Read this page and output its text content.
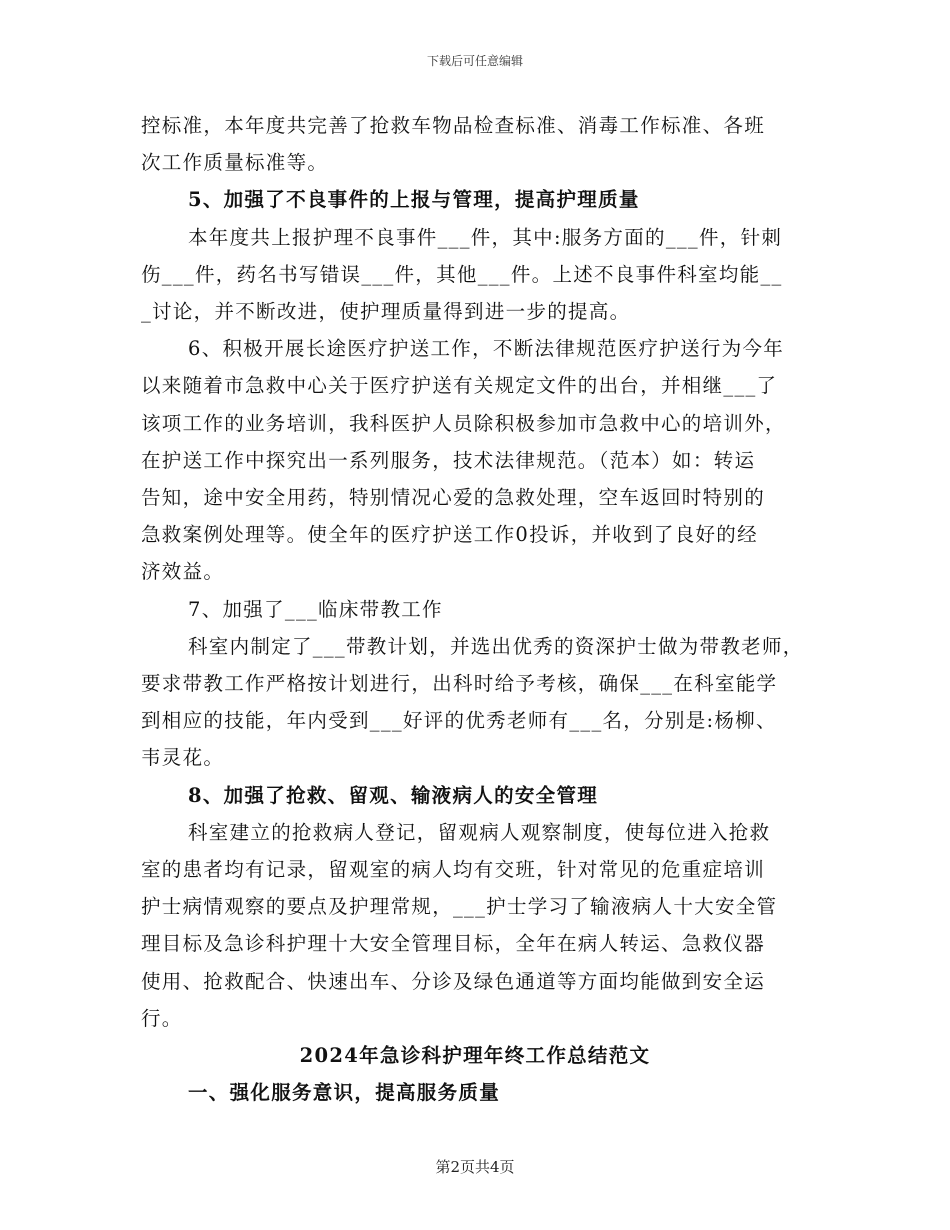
下载后可任意编辑
控标准，本年度共完善了抢救车物品检查标准、消毒工作标准、各班
次工作质量标准等。
5、加强了不良事件的上报与管理，提高护理质量
本年度共上报护理不良事件___件，其中:服务方面的___件，针刺
伤___件，药名书写错误___件，其他___件。上述不良事件科室均能__
_讨论，并不断改进，使护理质量得到进一步的提高。
6、积极开展长途医疗护送工作，不断法律规范医疗护送行为今年
以来随着市急救中心关于医疗护送有关规定文件的出台，并相继___了
该项工作的业务培训，我科医护人员除积极参加市急救中心的培训外，
在护送工作中探究出一系列服务，技术法律规范。（范本）如：转运
告知，途中安全用药，特别情况心爱的急救处理，空车返回时特别的
急救案例处理等。使全年的医疗护送工作0投诉，并收到了良好的经
济效益。
7、加强了___临床带教工作
科室内制定了___带教计划，并选出优秀的资深护士做为带教老师，
要求带教工作严格按计划进行，出科时给予考核，确保___在科室能学
到相应的技能，年内受到___好评的优秀老师有___名，分别是:杨柳、
韦灵花。
8、加强了抢救、留观、输液病人的安全管理
科室建立的抢救病人登记，留观病人观察制度，使每位进入抢救
室的患者均有记录，留观室的病人均有交班，针对常见的危重症培训
护士病情观察的要点及护理常规，___护士学习了输液病人十大安全管
理目标及急诊科护理十大安全管理目标，全年在病人转运、急救仪器
使用、抢救配合、快速出车、分诊及绿色通道等方面均能做到安全运
行。
2024年急诊科护理年终工作总结范文
一、强化服务意识，提高服务质量
第2页共4页
